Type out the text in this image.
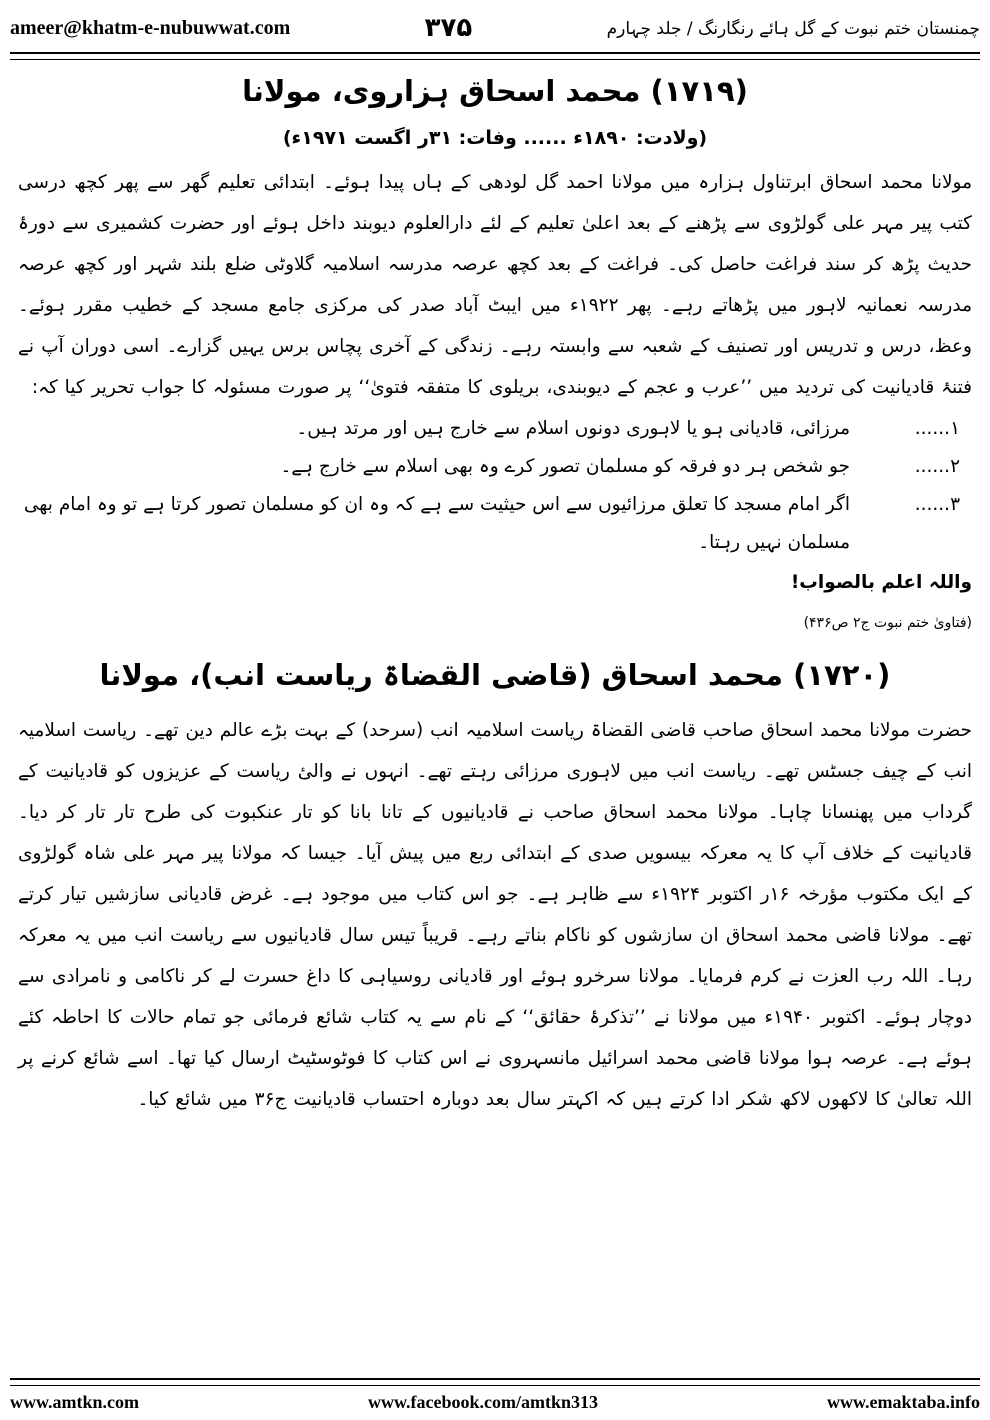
ameer@khatm-e-nubuwwat.com	۳۷۵	چمنستان ختم نبوت کے گل ہائے رنگارنگ / جلد چہارم
(۱۷۱۹) محمد اسحاق ہزاروی، مولانا

(ولادت: ۱۸۹۰ء ...... وفات: ۳۱ر اگست ۱۹۷۱ء)

مولانا محمد اسحاق ابرتناول ہزارہ میں مولانا احمد گل لودھی کے ہاں پیدا ہوئے۔ ابتدائی تعلیم گھر سے پھر کچھ درسی کتب پیر مہر علی گولڑوی سے پڑھنے کے بعد اعلیٰ تعلیم کے لئے دارالعلوم دیوبند داخل ہوئے اور حضرت کشمیری سے دورۂ حدیث پڑھ کر سند فراغت حاصل کی۔ فراغت کے بعد کچھ عرصہ مدرسہ اسلامیہ گلاوٹی ضلع بلند شہر اور کچھ عرصہ مدرسہ نعمانیہ لاہور میں پڑھاتے رہے۔ پھر ۱۹۲۲ء میں ایبٹ آباد صدر کی مرکزی جامع مسجد کے خطیب مقرر ہوئے۔ وعظ، درس و تدریس اور تصنیف کے شعبہ سے وابستہ رہے۔ زندگی کے آخری پچاس برس یہیں گزارے۔ اسی دوران آپ نے فتنۂ قادیانیت کی تردید میں ’’عرب و عجم کے دیوبندی، بریلوی کا متفقہ فتویٰ‘‘ پر صورت مسئولہ کا جواب تحریر کیا کہ:

۱......
مرزائی، قادیانی ہو یا لاہوری دونوں اسلام سے خارج ہیں اور مرتد ہیں۔
۲......
جو شخص ہر دو فرقہ کو مسلمان تصور کرے وہ بھی اسلام سے خارج ہے۔
۳......
اگر امام مسجد کا تعلق مرزائیوں سے اس حیثیت سے ہے کہ وہ ان کو مسلمان تصور کرتا ہے تو وہ امام بھی مسلمان نہیں رہتا۔

واللہ اعلم بالصواب!

(فتاویٰ ختم نبوت ج۲ ص۴۳۶)

(۱۷۲۰) محمد اسحاق (قاضی القضاۃ ریاست انب)، مولانا

حضرت مولانا محمد اسحاق صاحب قاضی القضاۃ ریاست اسلامیہ انب (سرحد) کے بہت بڑے عالم دین تھے۔ ریاست اسلامیہ انب کے چیف جسٹس تھے۔ ریاست انب میں لاہوری مرزائی رہتے تھے۔ انہوں نے والیٔ ریاست کے عزیزوں کو قادیانیت کے گرداب میں پھنسانا چاہا۔ مولانا محمد اسحاق صاحب نے قادیانیوں کے تانا بانا کو تار عنکبوت کی طرح تار تار کر دیا۔ قادیانیت کے خلاف آپ کا یہ معرکہ بیسویں صدی کے ابتدائی ربع میں پیش آیا۔ جیسا کہ مولانا پیر مہر علی شاہ گولڑوی کے ایک مکتوب مؤرخہ ۱۶ر اکتوبر ۱۹۲۴ء سے ظاہر ہے۔ جو اس کتاب میں موجود ہے۔ غرض قادیانی سازشیں تیار کرتے تھے۔ مولانا قاضی محمد اسحاق ان سازشوں کو ناکام بناتے رہے۔ قریباً تیس سال قادیانیوں سے ریاست انب میں یہ معرکہ رہا۔ اللہ رب العزت نے کرم فرمایا۔ مولانا سرخرو ہوئے اور قادیانی روسیاہی کا داغ حسرت لے کر ناکامی و نامرادی سے دوچار ہوئے۔ اکتوبر ۱۹۴۰ء میں مولانا نے ’’تذکرۂ حقائق‘‘ کے نام سے یہ کتاب شائع فرمائی جو تمام حالات کا احاطہ کئے ہوئے ہے۔ عرصہ ہوا مولانا قاضی محمد اسرائیل مانسہروی نے اس کتاب کا فوٹوسٹیٹ ارسال کیا تھا۔ اسے شائع کرنے پر اللہ تعالیٰ کا لاکھوں لاکھ شکر ادا کرتے ہیں کہ اکہتر سال بعد دوبارہ احتساب قادیانیت ج۳۶ میں شائع کیا۔

www.amtkn.com	www.facebook.com/amtkn313	www.emaktaba.info
